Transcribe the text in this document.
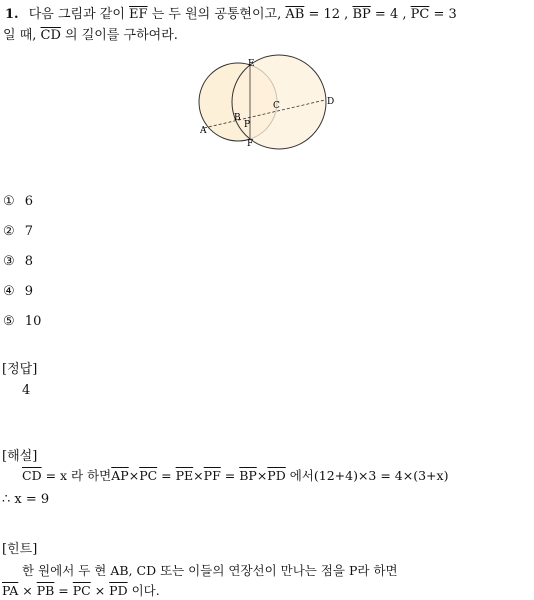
1. 다음 그림과 같이 $\overline{EF}$ 는 두 원의 공통현이고, $\overline{AB} = 12$ , $\overline{BP} = 4$ , $\overline{PC} = 3$
일 때, $\overline{CD}$ 의 길이를 구하여라.
A
B
P
C	D
E
F
① 6
② 7
③ 8
④ 9
⑤ 10
[정답]
4
[해설]
$\overline{CD} = x$ 라 하면$\overline{AP}\times\overline{PC} = \overline{PE}\times\overline{PF} = \overline{BP}\times\overline{PD}$ 에서(12+4)×3 = 4×(3+x)
∴ x = 9
[힌트]
한 원에서 두 현 AB, CD 또는 이들의 연장선이 만나는 점을 P라 하면
$\overline{PA} \times \overline{PB} = \overline{PC} \times \overline{PD}$ 이다.
